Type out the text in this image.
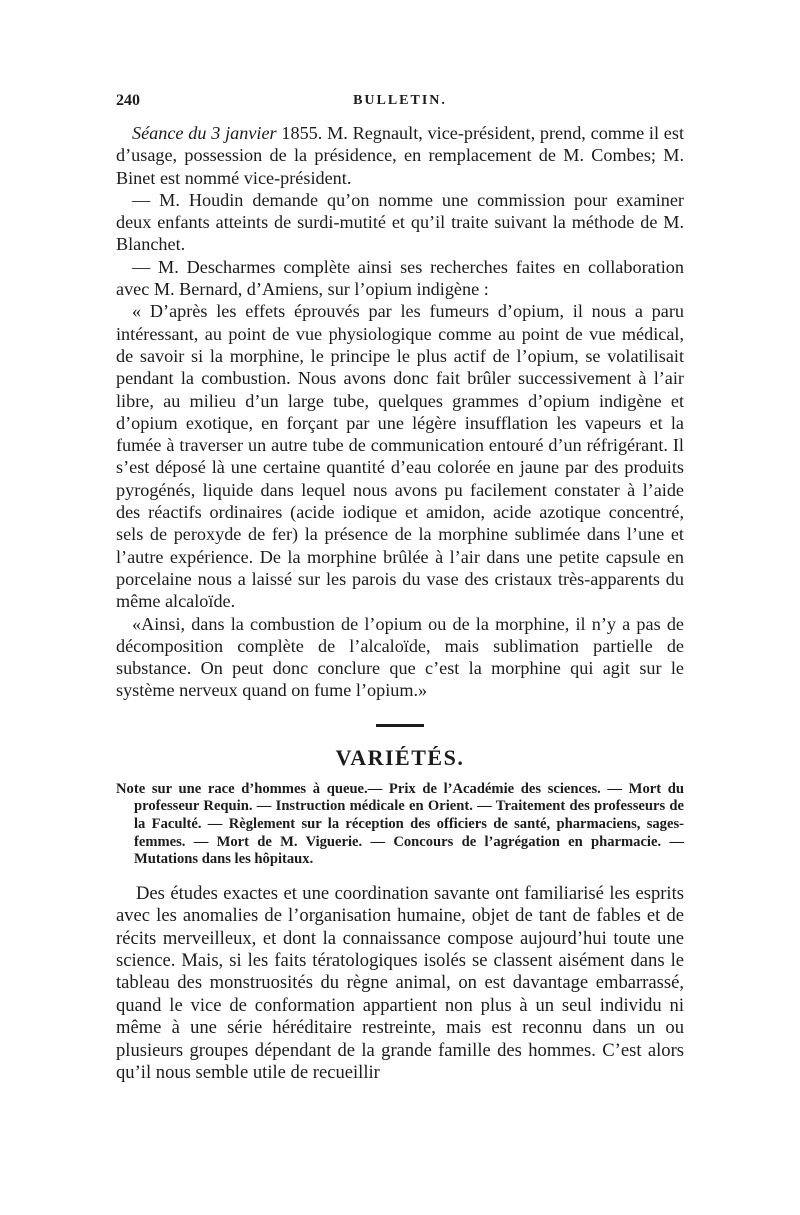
240	BULLETIN.

Séance du 3 janvier 1855. M. Regnault, vice-président, prend, comme il est d’usage, possession de la présidence, en remplacement de M. Combes; M. Binet est nommé vice-président.

— M. Houdin demande qu’on nomme une commission pour examiner deux enfants atteints de surdi-mutité et qu’il traite suivant la méthode de M. Blanchet.

— M. Descharmes complète ainsi ses recherches faites en collaboration avec M. Bernard, d’Amiens, sur l’opium indigène :

« D’après les effets éprouvés par les fumeurs d’opium, il nous a paru intéressant, au point de vue physiologique comme au point de vue médical, de savoir si la morphine, le principe le plus actif de l’opium, se volatilisait pendant la combustion. Nous avons donc fait brûler successivement à l’air libre, au milieu d’un large tube, quelques grammes d’opium indigène et d’opium exotique, en forçant par une légère insufflation les vapeurs et la fumée à traverser un autre tube de communication entouré d’un réfrigérant. Il s’est déposé là une certaine quantité d’eau colorée en jaune par des produits pyrogénés, liquide dans lequel nous avons pu facilement constater à l’aide des réactifs ordinaires (acide iodique et amidon, acide azotique concentré, sels de peroxyde de fer) la présence de la morphine sublimée dans l’une et l’autre expérience. De la morphine brûlée à l’air dans une petite capsule en porcelaine nous a laissé sur les parois du vase des cristaux très-apparents du même alcaloïde.

«Ainsi, dans la combustion de l’opium ou de la morphine, il n’y a pas de décomposition complète de l’alcaloïde, mais sublimation partielle de substance. On peut donc conclure que c’est la morphine qui agit sur le système nerveux quand on fume l’opium.»

VARIÉTÉS.

Note sur une race d’hommes à queue.— Prix de l’Académie des sciences. — Mort du professeur Requin. — Instruction médicale en Orient. — Traitement des professeurs de la Faculté. — Règlement sur la réception des officiers de santé, pharmaciens, sages-femmes. — Mort de M. Viguerie. — Concours de l’agrégation en pharmacie. — Mutations dans les hôpitaux.

Des études exactes et une coordination savante ont familiarisé les esprits avec les anomalies de l’organisation humaine, objet de tant de fables et de récits merveilleux, et dont la connaissance compose aujourd’hui toute une science. Mais, si les faits tératologiques isolés se classent aisément dans le tableau des monstruosités du règne animal, on est davantage embarrassé, quand le vice de conformation appartient non plus à un seul individu ni même à une série héréditaire restreinte, mais est reconnu dans un ou plusieurs groupes dépendant de la grande famille des hommes. C’est alors qu’il nous semble utile de recueillir
